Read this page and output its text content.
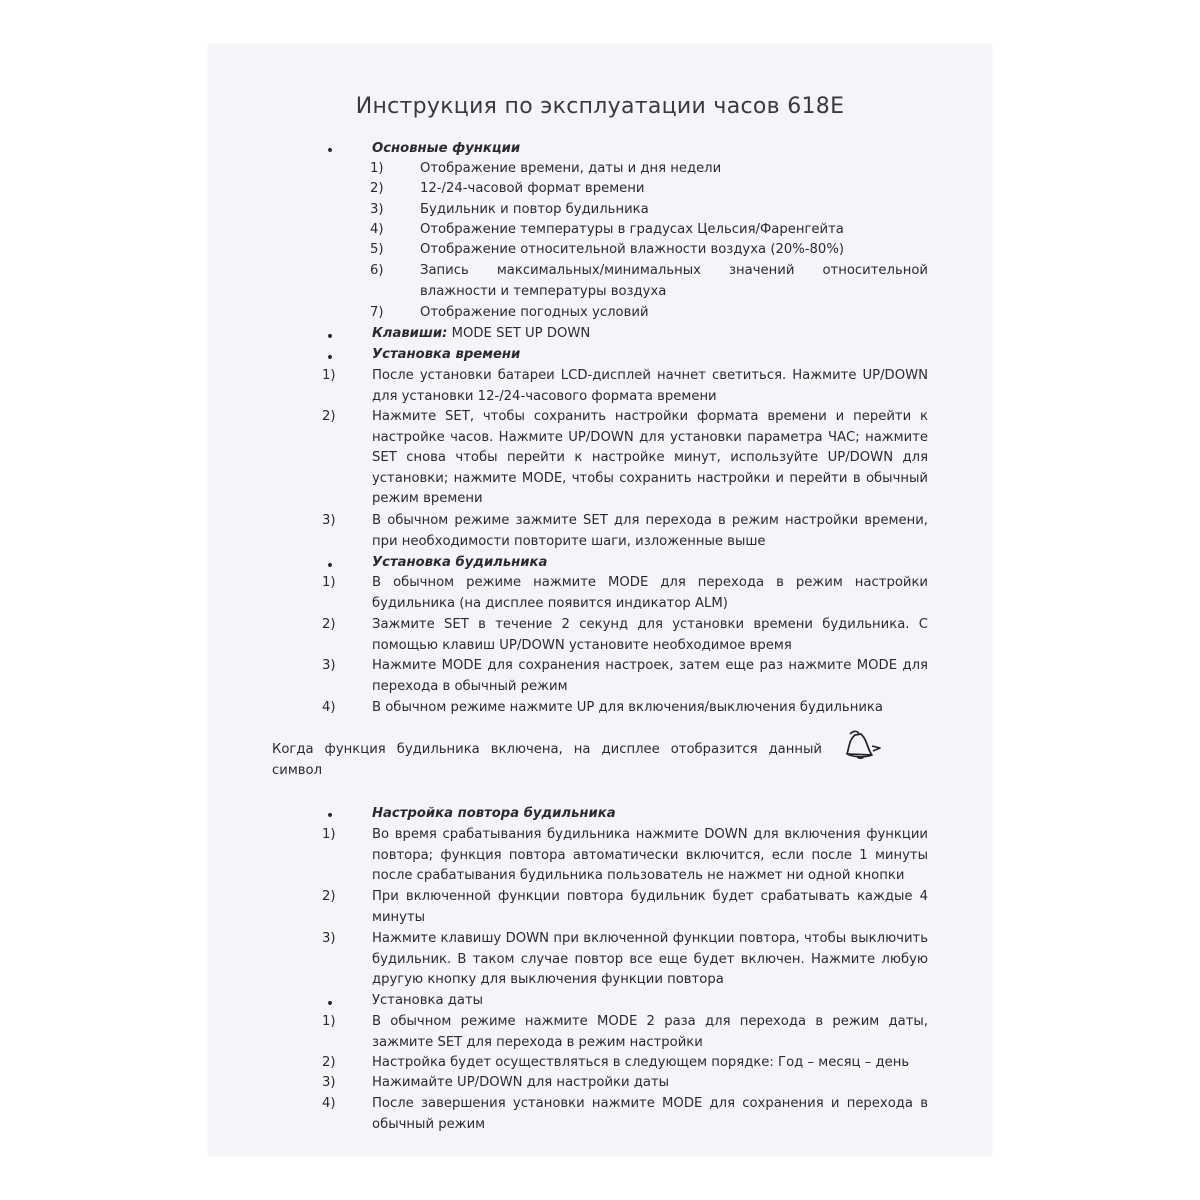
Инструкция по эксплуатации часов 618E
•	Основные функции
1)	Отображение времени, даты и дня недели
2)	12-/24-часовой формат времени
3)	Будильник и повтор будильника
4)	Отображение температуры в градусах Цельсия/Фаренгейта
5)	Отображение относительной влажности воздуха (20%-80%)
6)	Запись максимальных/минимальных значений относительной влажности и температуры воздуха
7)	Отображение погодных условий
•	Клавиши: MODE SET UP DOWN
•	Установка времени
1)	После установки батареи LCD-дисплей начнет светиться. Нажмите UP/DOWN для установки 12-/24-часового формата времени
2)	Нажмите SET, чтобы сохранить настройки формата времени и перейти к настройке часов. Нажмите UP/DOWN для установки параметра ЧАС; нажмите SET снова чтобы перейти к настройке минут, используйте UP/DOWN для установки; нажмите MODE, чтобы сохранить настройки и перейти в обычный режим времени
3)	В обычном режиме зажмите SET для перехода в режим настройки времени, при необходимости повторите шаги, изложенные выше
•	Установка будильника
1)	В обычном режиме нажмите MODE для перехода в режим настройки будильника (на дисплее появится индикатор ALM)
2)	Зажмите SET в течение 2 секунд для установки времени будильника. С помощью клавиш UP/DOWN установите необходимое время
3)	Нажмите MODE для сохранения настроек, затем еще раз нажмите MODE для перехода в обычный режим
4)	В обычном режиме нажмите UP для включения/выключения будильника
Когда функция будильника включена, на дисплее отобразится данный символ
•	Настройка повтора будильника
1)	Во время срабатывания будильника нажмите DOWN для включения функции повтора; функция повтора автоматически включится, если после 1 минуты после срабатывания будильника пользователь не нажмет ни одной кнопки
2)	При включенной функции повтора будильник будет срабатывать каждые 4 минуты
3)	Нажмите клавишу DOWN при включенной функции повтора, чтобы выключить будильник. В таком случае повтор все еще будет включен. Нажмите любую другую кнопку для выключения функции повтора
•	Установка даты
1)	В обычном режиме нажмите MODE 2 раза для перехода в режим даты, зажмите SET для перехода в режим настройки
2)	Настройка будет осуществляться в следующем порядке: Год – месяц – день
3)	Нажимайте UP/DOWN для настройки даты
4)	После завершения установки нажмите MODE для сохранения и перехода в обычный режим
